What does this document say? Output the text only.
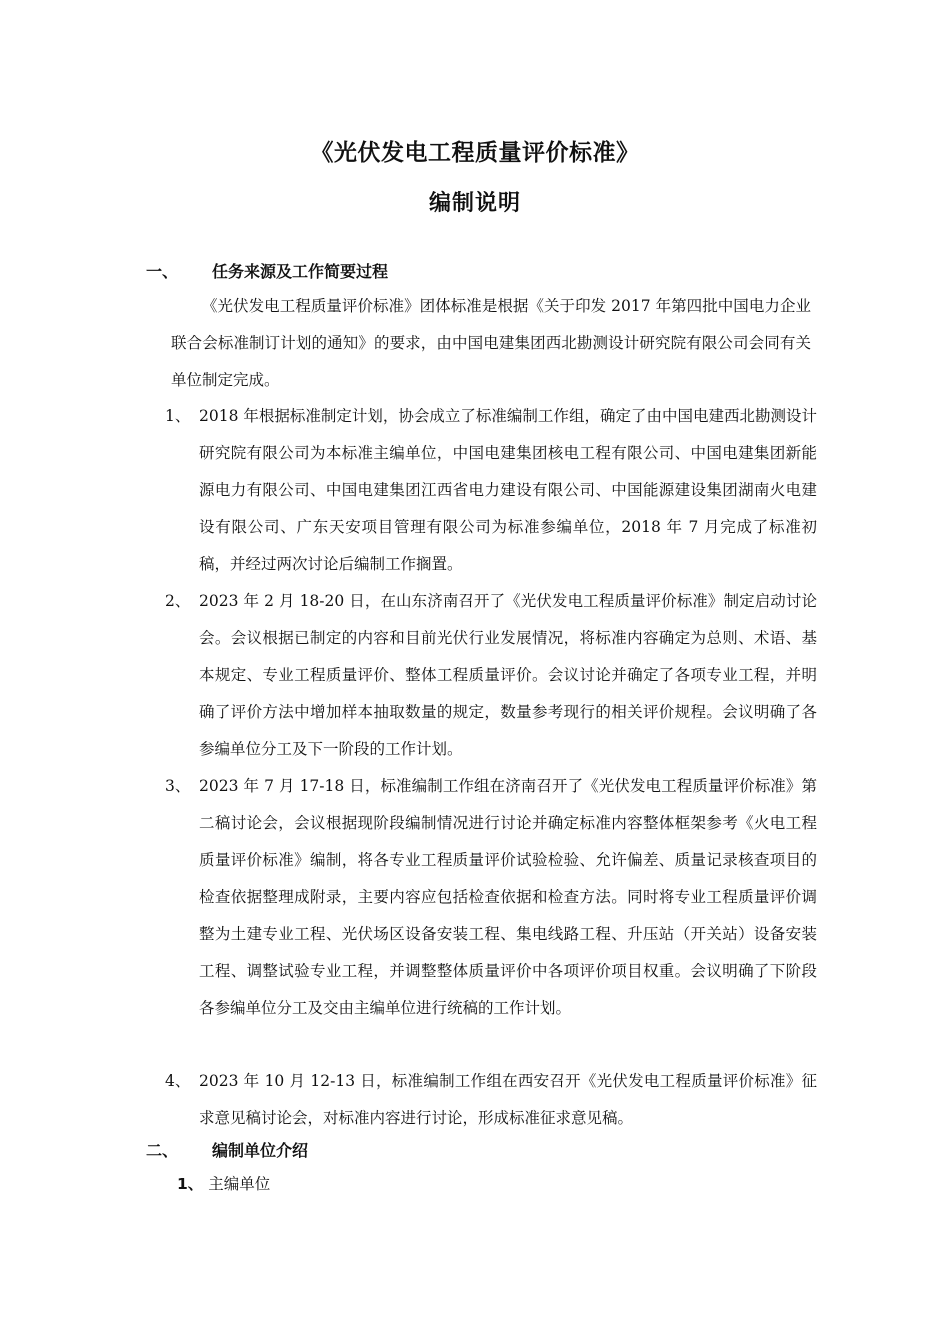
《光伏发电工程质量评价标准》
编制说明
一、	任务来源及工作简要过程
《光伏发电工程质量评价标准》团体标准是根据《关于印发 2017 年第四批中国电力企业联合会标准制订计划的通知》的要求，由中国电建集团西北勘测设计研究院有限公司会同有关单位制定完成。
1、 2018 年根据标准制定计划，协会成立了标准编制工作组，确定了由中国电建西北勘测设计研究院有限公司为本标准主编单位，中国电建集团核电工程有限公司、中国电建集团新能源电力有限公司、中国电建集团江西省电力建设有限公司、中国能源建设集团湖南火电建设有限公司、广东天安项目管理有限公司为标准参编单位，2018 年 7 月完成了标准初稿，并经过两次讨论后编制工作搁置。
2、 2023 年 2 月 18-20 日，在山东济南召开了《光伏发电工程质量评价标准》制定启动讨论会。会议根据已制定的内容和目前光伏行业发展情况，将标准内容确定为总则、术语、基本规定、专业工程质量评价、整体工程质量评价。会议讨论并确定了各项专业工程，并明确了评价方法中增加样本抽取数量的规定，数量参考现行的相关评价规程。会议明确了各参编单位分工及下一阶段的工作计划。
3、 2023 年 7 月 17-18 日，标准编制工作组在济南召开了《光伏发电工程质量评价标准》第二稿讨论会，会议根据现阶段编制情况进行讨论并确定标准内容整体框架参考《火电工程质量评价标准》编制，将各专业工程质量评价试验检验、允许偏差、质量记录核查项目的检查依据整理成附录，主要内容应包括检查依据和检查方法。同时将专业工程质量评价调整为土建专业工程、光伏场区设备安装工程、集电线路工程、升压站（开关站）设备安装工程、调整试验专业工程，并调整整体质量评价中各项评价项目权重。会议明确了下阶段各参编单位分工及交由主编单位进行统稿的工作计划。
4、 2023 年 10 月 12-13 日，标准编制工作组在西安召开《光伏发电工程质量评价标准》征求意见稿讨论会，对标准内容进行讨论，形成标准征求意见稿。
二、	编制单位介绍
1、 主编单位
